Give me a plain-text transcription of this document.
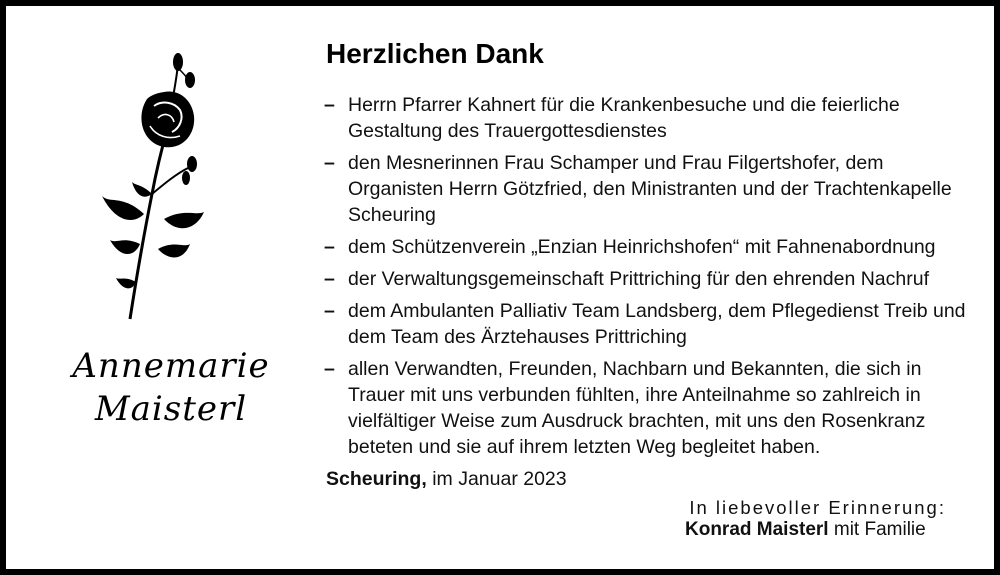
Annemarie
Maisterl
Herzlichen Dank
– Herrn Pfarrer Kahnert für die Krankenbesuche und die feierliche Gestaltung des Trauergottesdienstes
– den Mesnerinnen Frau Schamper und Frau Filgertshofer, dem Organisten Herrn Götzfried, den Ministranten und der Trachtenkapelle Scheuring
– dem Schützenverein „Enzian Heinrichshofen“ mit Fahnenabordnung
– der Verwaltungsgemeinschaft Prittriching für den ehrenden Nachruf
– dem Ambulanten Palliativ Team Landsberg, dem Pflegedienst Treib und dem Team des Ärztehauses Prittriching
– allen Verwandten, Freunden, Nachbarn und Bekannten, die sich in Trauer mit uns verbunden fühlten, ihre Anteilnahme so zahlreich in vielfältiger Weise zum Ausdruck brachten, mit uns den Rosenkranz beteten und sie auf ihrem letzten Weg begleitet haben.
Scheuring, im Januar 2023
In liebevoller Erinnerung:
Konrad Maisterl mit Familie
